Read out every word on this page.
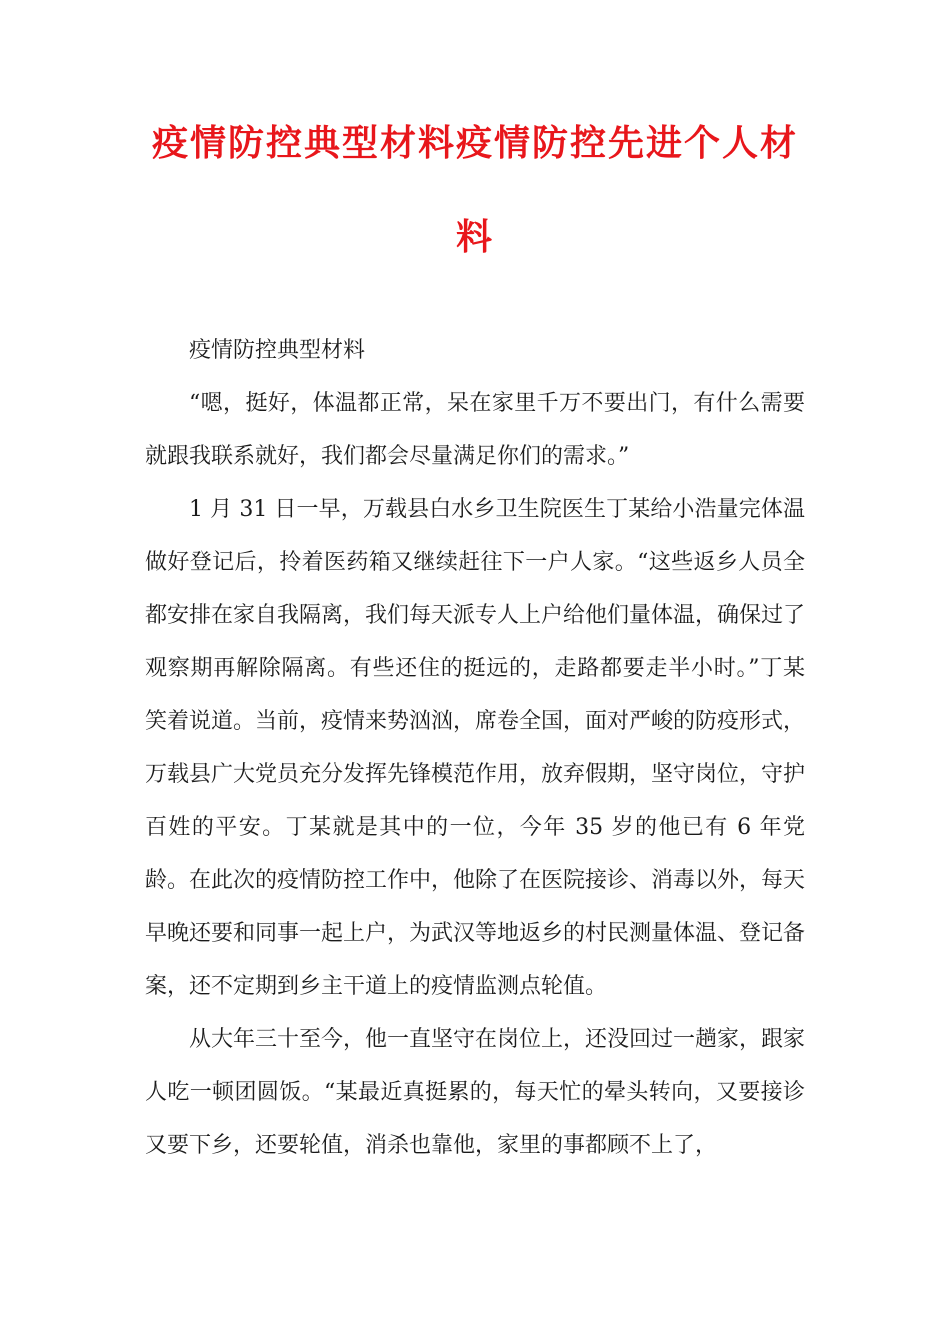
疫情防控典型材料疫情防控先进个人材
料

疫情防控典型材料

“嗯，挺好，体温都正常，呆在家里千万不要出门，有什么需要就跟我联系就好，我们都会尽量满足你们的需求。”

1 月 31 日一早，万载县白水乡卫生院医生丁某给小浩量完体温做好登记后，拎着医药箱又继续赶往下一户人家。“这些返乡人员全都安排在家自我隔离，我们每天派专人上户给他们量体温，确保过了观察期再解除隔离。有些还住的挺远的，走路都要走半小时。”丁某笑着说道。当前，疫情来势汹汹，席卷全国，面对严峻的防疫形式，万载县广大党员充分发挥先锋模范作用，放弃假期，坚守岗位，守护百姓的平安。丁某就是其中的一位，今年 35 岁的他已有 6 年党龄。在此次的疫情防控工作中，他除了在医院接诊、消毒以外，每天早晚还要和同事一起上户，为武汉等地返乡的村民测量体温、登记备案，还不定期到乡主干道上的疫情监测点轮值。

从大年三十至今，他一直坚守在岗位上，还没回过一趟家，跟家人吃一顿团圆饭。“某最近真挺累的，每天忙的晕头转向，又要接诊又要下乡，还要轮值，消杀也靠他，家里的事都顾不上了，
